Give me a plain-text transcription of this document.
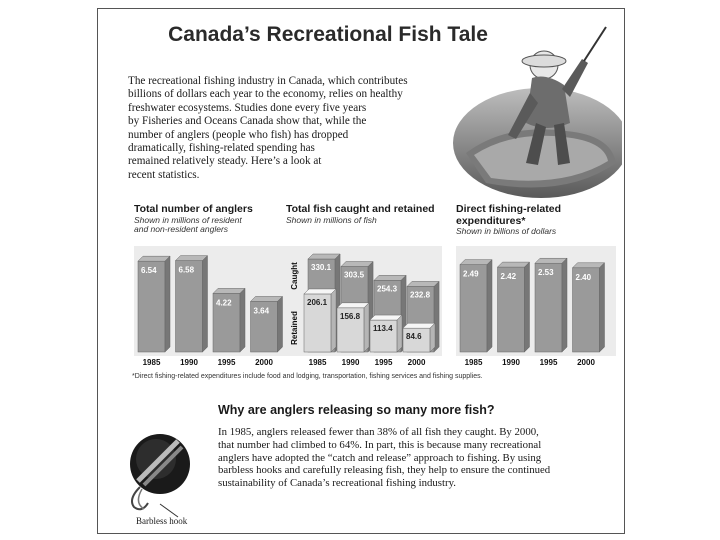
Canada’s Recreational Fish Tale
The recreational fishing industry in Canada, which contributes
billions of dollars each year to the economy, relies on healthy
freshwater ecosystems. Studies done every five years
by Fisheries and Oceans Canada show that, while the
number of anglers (people who fish) has dropped
dramatically, fishing-related spending has
remained relatively steady. Here’s a look at
recent statistics.
Total number of anglers
Shown in millions of resident
and non-resident anglers
6.54
1985
6.58
1990
4.22
1995
3.64
2000
Total fish caught and retained
Shown in millions of fish
330.1
206.1
1985
303.5
156.8
1990
254.3
113.4
1995
232.8
84.6
2000
Caught
Retained
Direct fishing-related expenditures*
Shown in billions of dollars
2.49
1985
2.42
1990
2.53
1995
2.40
2000
*Direct fishing-related expenditures include food and lodging, transportation, fishing services and fishing supplies.
Barbless hook
Why are anglers releasing so many more fish?
In 1985, anglers released fewer than 38% of all fish they caught. By 2000,
that number had climbed to 64%. In part, this is because many recreational
anglers have adopted the “catch and release” approach to fishing. By using
barbless hooks and carefully releasing fish, they help to ensure the continued
sustainability of Canada’s recreational fishing industry.
